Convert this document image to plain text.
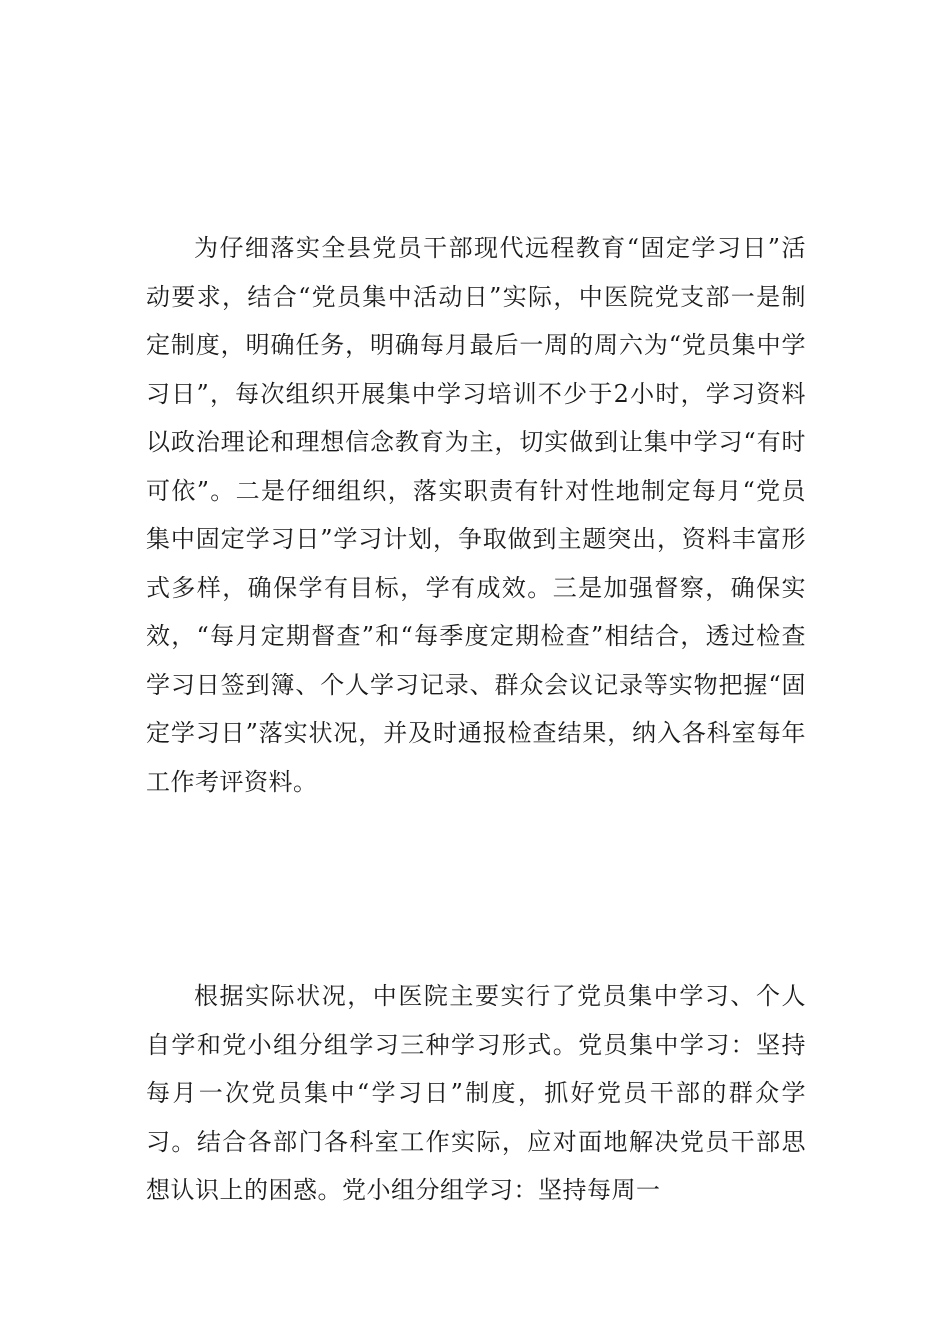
为仔细落实全县党员干部现代远程教育“固定学习日”活动要求，结合“党员集中活动日”实际，中医院党支部一是制定制度，明确任务，明确每月最后一周的周六为“党员集中学习日”，每次组织开展集中学习培训不少于2小时，学习资料以政治理论和理想信念教育为主，切实做到让集中学习“有时可依”。二是仔细组织，落实职责有针对性地制定每月“党员集中固定学习日”学习计划，争取做到主题突出，资料丰富形式多样，确保学有目标，学有成效。三是加强督察，确保实效，“每月定期督查”和“每季度定期检查”相结合，透过检查学习日签到簿、个人学习记录、群众会议记录等实物把握“固定学习日”落实状况，并及时通报检查结果，纳入各科室每年工作考评资料。

根据实际状况，中医院主要实行了党员集中学习、个人自学和党小组分组学习三种学习形式。党员集中学习：坚持每月一次党员集中“学习日”制度，抓好党员干部的群众学习。结合各部门各科室工作实际，应对面地解决党员干部思想认识上的困惑。党小组分组学习：坚持每周一
